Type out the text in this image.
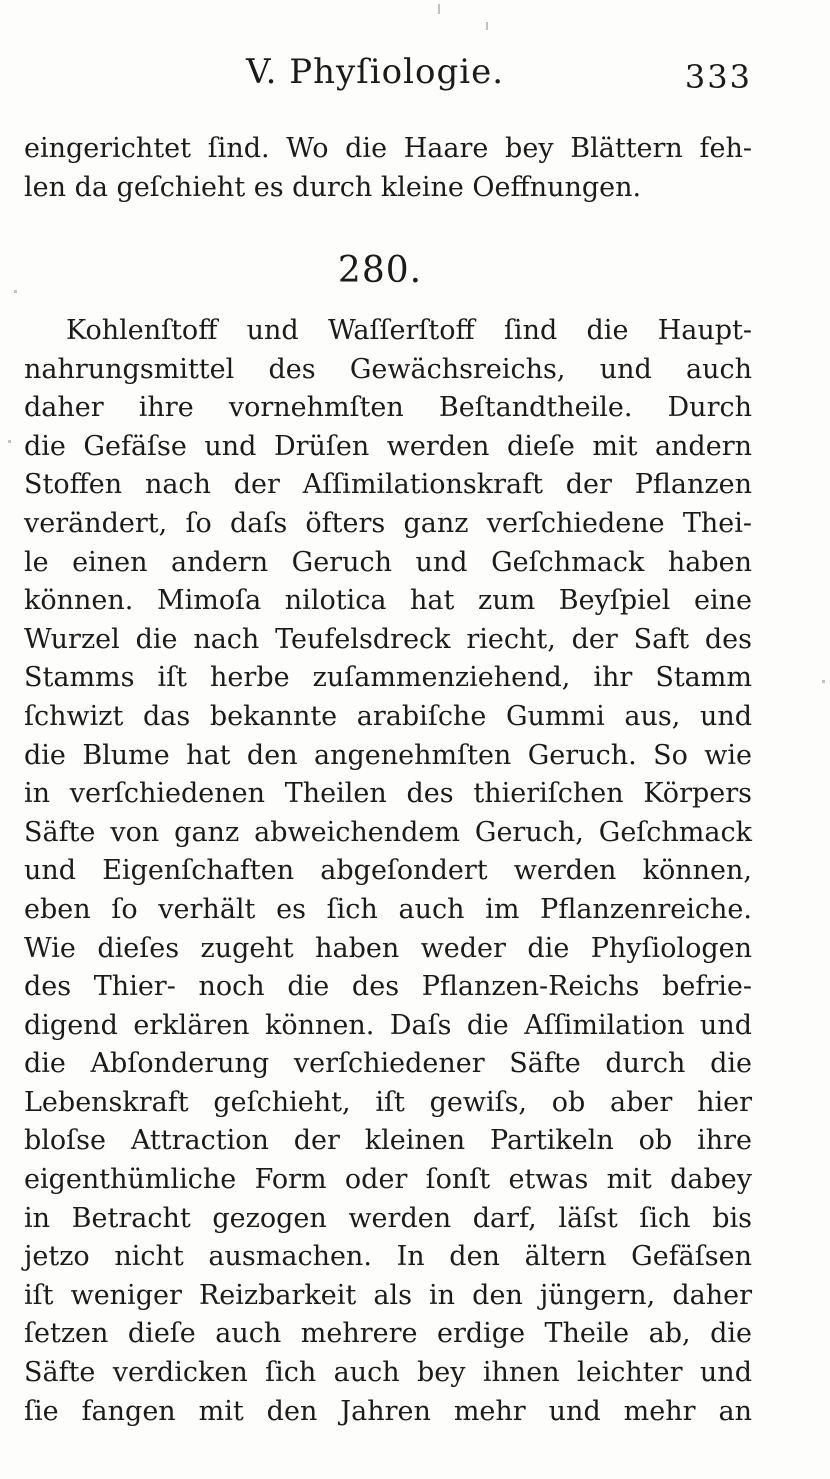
V. Phyſiologie.	333
eingerichtet ſind. Wo die Haare bey Blättern feh-
len da geſchieht es durch kleine Oeffnungen.
280.
Kohlenſtoff und Waſſerſtoff ſind die Haupt-
nahrungsmittel des Gewächsreichs, und auch
daher ihre vornehmſten Beſtandtheile. Durch
die Gefäſse und Drüſen werden dieſe mit andern
Stoffen nach der Aſſimilationskraft der Pflanzen
verändert, ſo daſs öfters ganz verſchiedene Thei-
le einen andern Geruch und Geſchmack haben
können. Mimoſa nilotica hat zum Beyſpiel eine
Wurzel die nach Teufelsdreck riecht, der Saft des
Stamms iſt herbe zuſammenziehend, ihr Stamm
ſchwizt das bekannte arabiſche Gummi aus, und
die Blume hat den angenehmſten Geruch. So wie
in verſchiedenen Theilen des thieriſchen Körpers
Säfte von ganz abweichendem Geruch, Geſchmack
und Eigenſchaften abgeſondert werden können,
eben ſo verhält es ſich auch im Pflanzenreiche.
Wie dieſes zugeht haben weder die Phyſiologen
des Thier- noch die des Pflanzen-Reichs befrie-
digend erklären können. Daſs die Aſſimilation und
die Abſonderung verſchiedener Säfte durch die
Lebenskraft geſchieht, iſt gewiſs, ob aber hier
bloſse Attraction der kleinen Partikeln ob ihre
eigenthümliche Form oder ſonſt etwas mit dabey
in Betracht gezogen werden darf, läſst ſich bis
jetzo nicht ausmachen. In den ältern Gefäſsen
iſt weniger Reizbarkeit als in den jüngern, daher
ſetzen dieſe auch mehrere erdige Theile ab, die
Säfte verdicken ſich auch bey ihnen leichter und
ſie fangen mit den Jahren mehr und mehr an
